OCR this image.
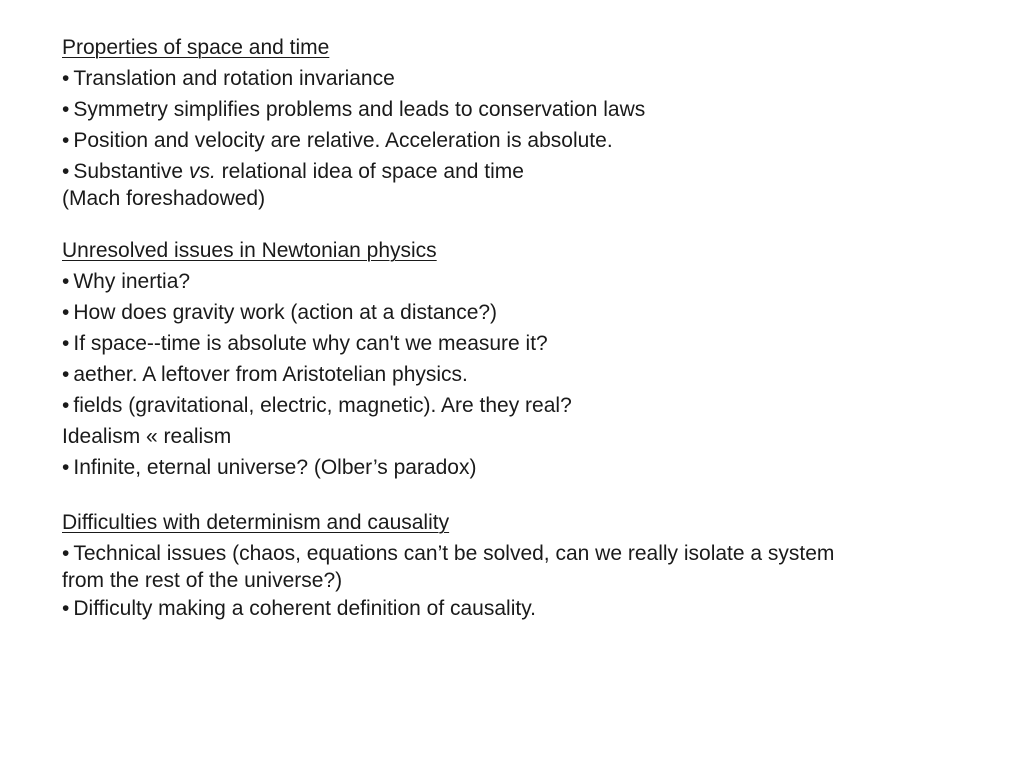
Properties of space and time
• Translation and rotation invariance
• Symmetry simplifies problems and leads to conservation laws
• Position and velocity are relative. Acceleration is absolute.
• Substantive vs. relational idea of space and time
(Mach foreshadowed)
Unresolved issues in Newtonian physics
• Why inertia?
• How does gravity work (action at a distance?)
• If space--time is absolute why can't we measure it?
• aether. A leftover from Aristotelian physics.
• fields (gravitational, electric, magnetic). Are they real?
Idealism « realism
• Infinite, eternal universe? (Olber’s paradox)
Difficulties with determinism and causality
• Technical issues (chaos, equations can’t be solved, can we really isolate a system
from the rest of the universe?)
• Difficulty making a coherent definition of causality.
